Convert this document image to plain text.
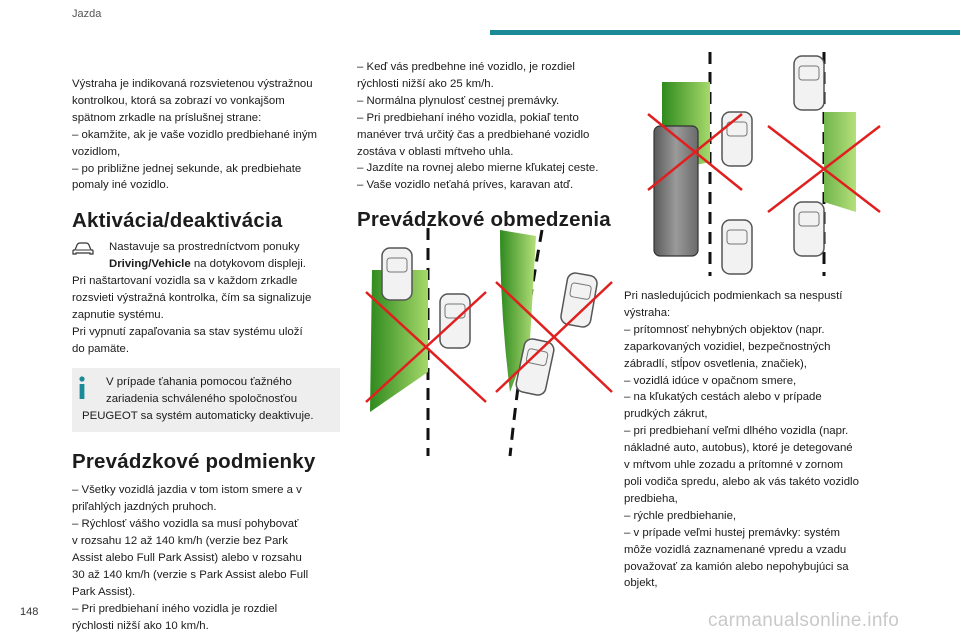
Jazda

Výstraha je indikovaná rozsvietenou výstražnou

kontrolkou, ktorá sa zobrazí vo vonkajšom

spätnom zrkadle na príslušnej strane:

– okamžite, ak je vaše vozidlo predbiehané iným

vozidlom,

– po približne jednej sekunde, ak predbiehate

pomaly iné vozidlo.

Aktivácia/deaktivácia

Nastavuje sa prostredníctvom ponuky

Driving/Vehicle na dotykovom displeji.

Pri naštartovaní vozidla sa v každom zrkadle

rozsvieti výstražná kontrolka, čím sa signalizuje

zapnutie systému.

Pri vypnutí zapaľovania sa stav systému uloží

do pamäte.

V prípade ťahania pomocou ťažného

zariadenia schváleného spoločnosťou

PEUGEOT sa systém automaticky deaktivuje.

Prevádzkové podmienky

– Všetky vozidlá jazdia v tom istom smere a v

priľahlých jazdných pruhoch.

– Rýchlosť vášho vozidla sa musí pohybovať

v rozsahu 12 až 140 km/h (verzie bez Park

Assist alebo Full Park Assist) alebo v rozsahu

30 až 140 km/h (verzie s Park Assist alebo Full

Park Assist).

– Pri predbiehaní iného vozidla je rozdiel

rýchlosti nižší ako 10 km/h.

– Keď vás predbehne iné vozidlo, je rozdiel

rýchlosti nižší ako 25 km/h.

– Normálna plynulosť cestnej premávky.

– Pri predbiehaní iného vozidla, pokiaľ tento

manéver trvá určitý čas a predbiehané vozidlo

zostáva v oblasti mŕtveho uhla.

– Jazdíte na rovnej alebo mierne kľukatej ceste.

– Vaše vozidlo neťahá príves, karavan atď.

Prevádzkové obmedzenia

Pri nasledujúcich podmienkach sa nespustí

výstraha:

– prítomnosť nehybných objektov (napr.

zaparkovaných vozidiel, bezpečnostných

zábradlí, stĺpov osvetlenia, značiek),

– vozidlá idúce v opačnom smere,

– na kľukatých cestách alebo v prípade

prudkých zákrut,

– pri predbiehaní veľmi dlhého vozidla (napr.

nákladné auto, autobus), ktoré je detegované

v mŕtvom uhle zozadu a prítomné v zornom

poli vodiča spredu, alebo ak vás takéto vozidlo

predbieha,

– rýchle predbiehanie,

– v prípade veľmi hustej premávky: systém

môže vozidlá zaznamenané vpredu a vzadu

považovať za kamión alebo nepohybujúci sa

objekt,

148	carmanualsonline.info
